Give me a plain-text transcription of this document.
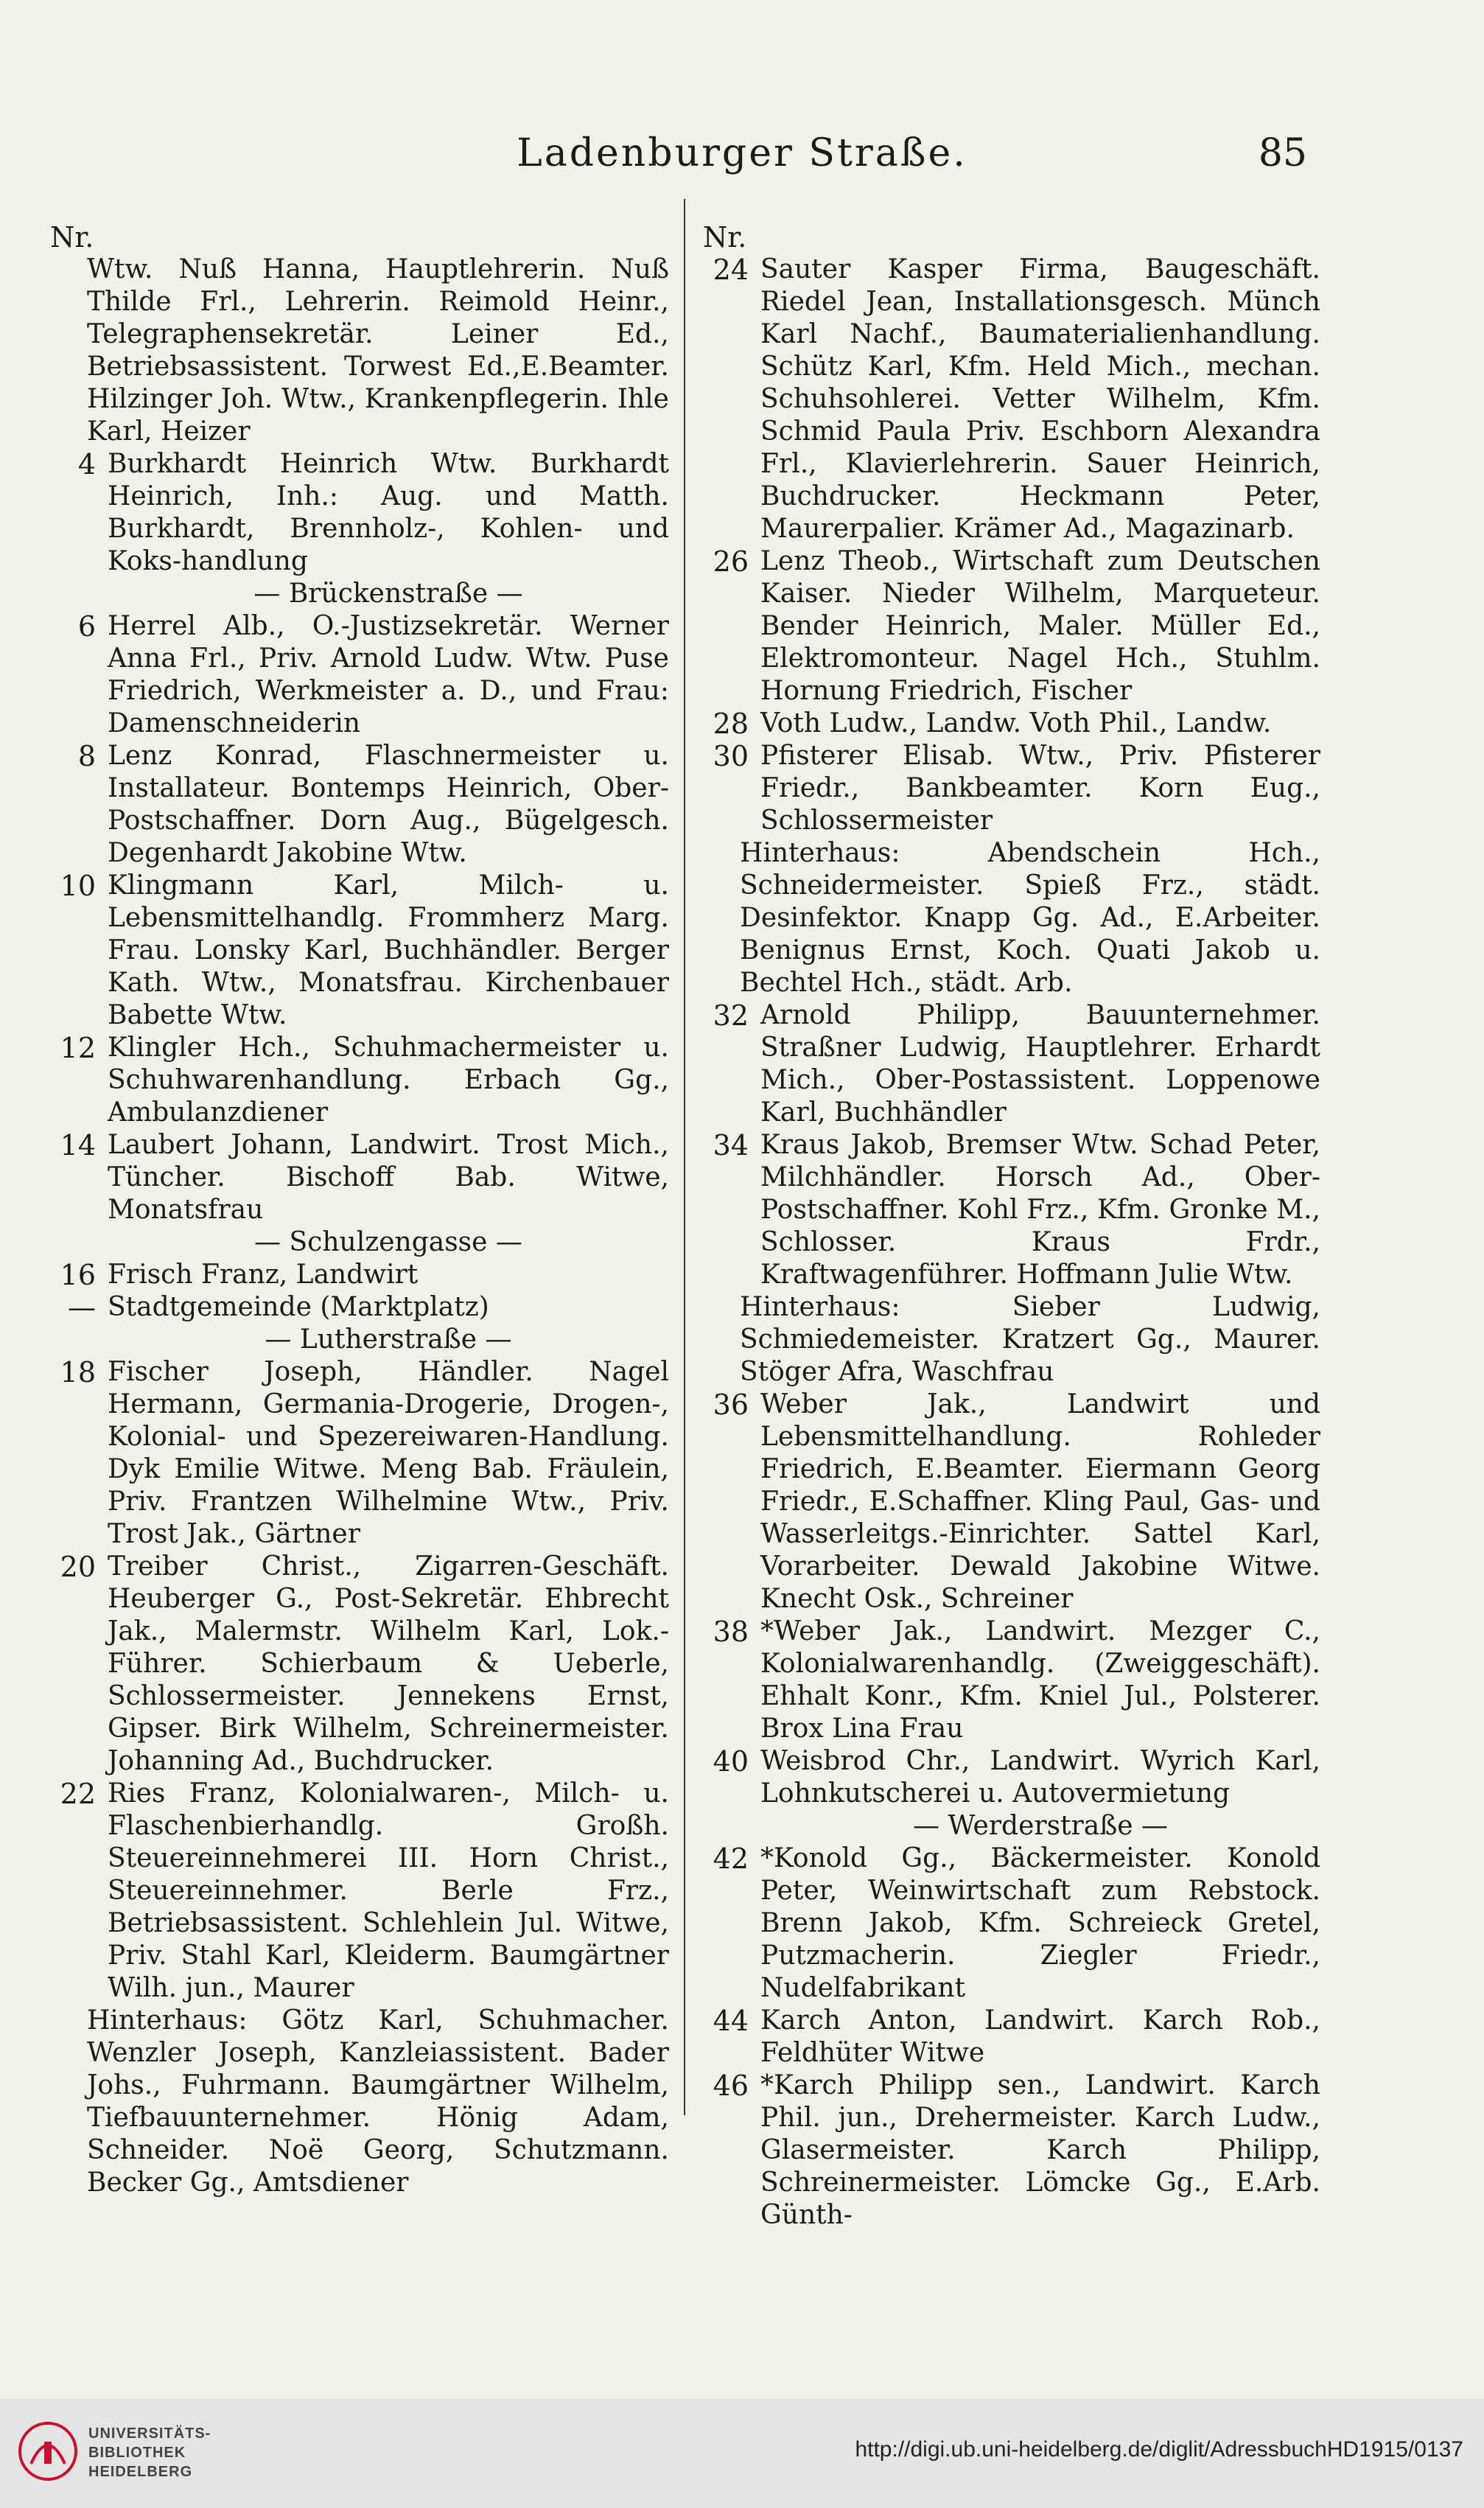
Ladenburger Straße.	85
Nr.
Wtw. Nuß Hanna, Hauptlehrerin. Nuß Thilde Frl., Lehrerin. Reimold Heinr., Telegraphensekretär. Leiner Ed., Betriebsassistent. Torwest Ed.,E.Beamter. Hilzinger Joh. Wtw., Krankenpflegerin. Ihle Karl, Heizer
4 Burkhardt Heinrich Wtw. Burkhardt Heinrich, Inh.: Aug. und Matth. Burkhardt, Brennholz-, Kohlen- und Koks-handlung
— Brückenstraße —
6 Herrel Alb., O.-Justizsekretär. Werner Anna Frl., Priv. Arnold Ludw. Wtw. Puse Friedrich, Werkmeister a. D., und Frau: Damenschneiderin
8 Lenz Konrad, Flaschnermeister u. Installateur. Bontemps Heinrich, Ober-Postschaffner. Dorn Aug., Bügelgesch. Degenhardt Jakobine Wtw.
10 Klingmann Karl, Milch- u. Lebensmittelhandlg. Frommherz Marg. Frau. Lonsky Karl, Buchhändler. Berger Kath. Wtw., Monatsfrau. Kirchenbauer Babette Wtw.
12 Klingler Hch., Schuhmachermeister u. Schuhwarenhandlung. Erbach Gg., Ambulanzdiener
14 Laubert Johann, Landwirt. Trost Mich., Tüncher. Bischoff Bab. Witwe, Monatsfrau
— Schulzengasse —
16 Frisch Franz, Landwirt
— Stadtgemeinde (Marktplatz)
— Lutherstraße —
18 Fischer Joseph, Händler. Nagel Hermann, Germania-Drogerie, Drogen-, Kolonial- und Spezereiwaren-Handlung. Dyk Emilie Witwe. Meng Bab. Fräulein, Priv. Frantzen Wilhelmine Wtw., Priv. Trost Jak., Gärtner
20 Treiber Christ., Zigarren-Geschäft. Heuberger G., Post-Sekretär. Ehbrecht Jak., Malermstr. Wilhelm Karl, Lok.-Führer. Schierbaum & Ueberle, Schlossermeister. Jennekens Ernst, Gipser. Birk Wilhelm, Schreinermeister. Johanning Ad., Buchdrucker.
22 Ries Franz, Kolonialwaren-, Milch- u. Flaschenbierhandlg. Großh. Steuereinnehmerei III. Horn Christ., Steuereinnehmer. Berle Frz., Betriebsassistent. Schlehlein Jul. Witwe, Priv. Stahl Karl, Kleiderm. Baumgärtner Wilh. jun., Maurer
Hinterhaus: Götz Karl, Schuhmacher. Wenzler Joseph, Kanzleiassistent. Bader Johs., Fuhrmann. Baumgärtner Wilhelm, Tiefbauunternehmer. Hönig Adam, Schneider. Noë Georg, Schutzmann. Becker Gg., Amtsdiener
Nr.
24 Sauter Kasper Firma, Baugeschäft. Riedel Jean, Installationsgesch. Münch Karl Nachf., Baumaterialienhandlung. Schütz Karl, Kfm. Held Mich., mechan. Schuhsohlerei. Vetter Wilhelm, Kfm. Schmid Paula Priv. Eschborn Alexandra Frl., Klavierlehrerin. Sauer Heinrich, Buchdrucker. Heckmann Peter, Maurerpalier. Krämer Ad., Magazinarb.
26 Lenz Theob., Wirtschaft zum Deutschen Kaiser. Nieder Wilhelm, Marqueteur. Bender Heinrich, Maler. Müller Ed., Elektromonteur. Nagel Hch., Stuhlm. Hornung Friedrich, Fischer
28 Voth Ludw., Landw. Voth Phil., Landw.
30 Pfisterer Elisab. Wtw., Priv. Pfisterer Friedr., Bankbeamter. Korn Eug., Schlossermeister
Hinterhaus: Abendschein Hch., Schneidermeister. Spieß Frz., städt. Desinfektor. Knapp Gg. Ad., E.Arbeiter. Benignus Ernst, Koch. Quati Jakob u. Bechtel Hch., städt. Arb.
32 Arnold Philipp, Bauunternehmer. Straßner Ludwig, Hauptlehrer. Erhardt Mich., Ober-Postassistent. Loppenowe Karl, Buchhändler
34 Kraus Jakob, Bremser Wtw. Schad Peter, Milchhändler. Horsch Ad., Ober-Postschaffner. Kohl Frz., Kfm. Gronke M., Schlosser. Kraus Frdr., Kraftwagenführer. Hoffmann Julie Wtw.
Hinterhaus: Sieber Ludwig, Schmiedemeister. Kratzert Gg., Maurer. Stöger Afra, Waschfrau
36 Weber Jak., Landwirt und Lebensmittelhandlung. Rohleder Friedrich, E.Beamter. Eiermann Georg Friedr., E.Schaffner. Kling Paul, Gas- und Wasserleitgs.-Einrichter. Sattel Karl, Vorarbeiter. Dewald Jakobine Witwe. Knecht Osk., Schreiner
38 *Weber Jak., Landwirt. Mezger C., Kolonialwarenhandlg. (Zweiggeschäft). Ehhalt Konr., Kfm. Kniel Jul., Polsterer. Brox Lina Frau
40 Weisbrod Chr., Landwirt. Wyrich Karl, Lohnkutscherei u. Autovermietung
— Werderstraße —
42 *Konold Gg., Bäckermeister. Konold Peter, Weinwirtschaft zum Rebstock. Brenn Jakob, Kfm. Schreieck Gretel, Putzmacherin. Ziegler Friedr., Nudelfabrikant
44 Karch Anton, Landwirt. Karch Rob., Feldhüter Witwe
46 *Karch Philipp sen., Landwirt. Karch Phil. jun., Drehermeister. Karch Ludw., Glasermeister. Karch Philipp, Schreinermeister. Lömcke Gg., E.Arb. Günth-
UNIVERSITÄTS-
BIBLIOTHEK
HEIDELBERG
http://digi.ub.uni-heidelberg.de/diglit/AdressbuchHD1915/0137
